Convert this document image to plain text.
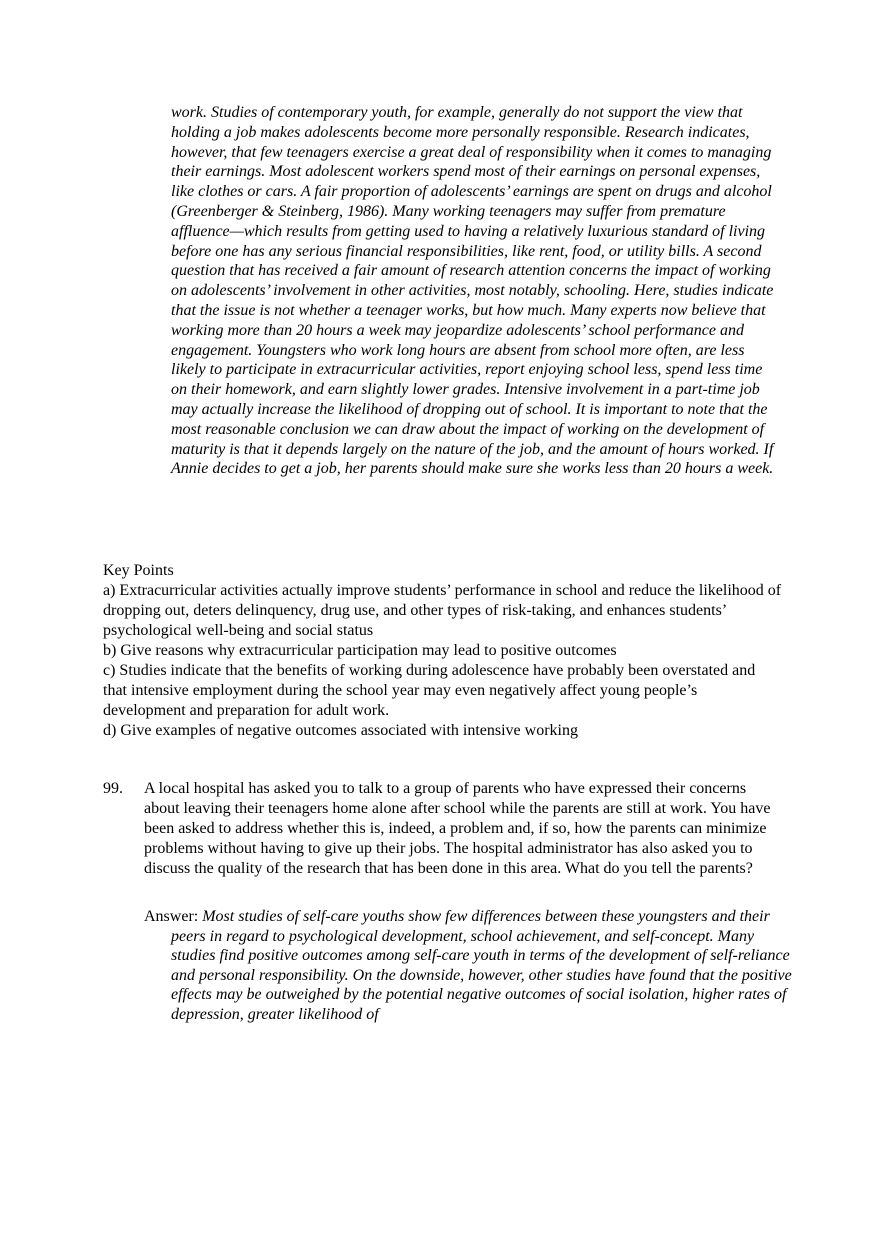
work. Studies of contemporary youth, for example, generally do not support the view that holding a job makes adolescents become more personally responsible. Research indicates, however, that few teenagers exercise a great deal of responsibility when it comes to managing their earnings. Most adolescent workers spend most of their earnings on personal expenses, like clothes or cars. A fair proportion of adolescents’ earnings are spent on drugs and alcohol (Greenberger & Steinberg, 1986). Many working teenagers may suffer from premature affluence—which results from getting used to having a relatively luxurious standard of living before one has any serious financial responsibilities, like rent, food, or utility bills. A second question that has received a fair amount of research attention concerns the impact of working on adolescents’ involvement in other activities, most notably, schooling. Here, studies indicate that the issue is not whether a teenager works, but how much. Many experts now believe that working more than 20 hours a week may jeopardize adolescents’ school performance and engagement. Youngsters who work long hours are absent from school more often, are less likely to participate in extracurricular activities, report enjoying school less, spend less time on their homework, and earn slightly lower grades. Intensive involvement in a part-time job may actually increase the likelihood of dropping out of school. It is important to note that the most reasonable conclusion we can draw about the impact of working on the development of maturity is that it depends largely on the nature of the job, and the amount of hours worked. If Annie decides to get a job, her parents should make sure she works less than 20 hours a week.

Key Points
a) Extracurricular activities actually improve students’ performance in school and reduce the likelihood of dropping out, deters delinquency, drug use, and other types of risk-taking, and enhances students’ psychological well-being and social status
b) Give reasons why extracurricular participation may lead to positive outcomes
c) Studies indicate that the benefits of working during adolescence have probably been overstated and that intensive employment during the school year may even negatively affect young people’s development and preparation for adult work.
d) Give examples of negative outcomes associated with intensive working
99. A local hospital has asked you to talk to a group of parents who have expressed their concerns about leaving their teenagers home alone after school while the parents are still at work. You have been asked to address whether this is, indeed, a problem and, if so, how the parents can minimize problems without having to give up their jobs. The hospital administrator has also asked you to discuss the quality of the research that has been done in this area. What do you tell the parents?
Answer: Most studies of self-care youths show few differences between these youngsters and their peers in regard to psychological development, school achievement, and self-concept. Many studies find positive outcomes among self-care youth in terms of the development of self-reliance and personal responsibility. On the downside, however, other studies have found that the positive effects may be outweighed by the potential negative outcomes of social isolation, higher rates of depression, greater likelihood of
